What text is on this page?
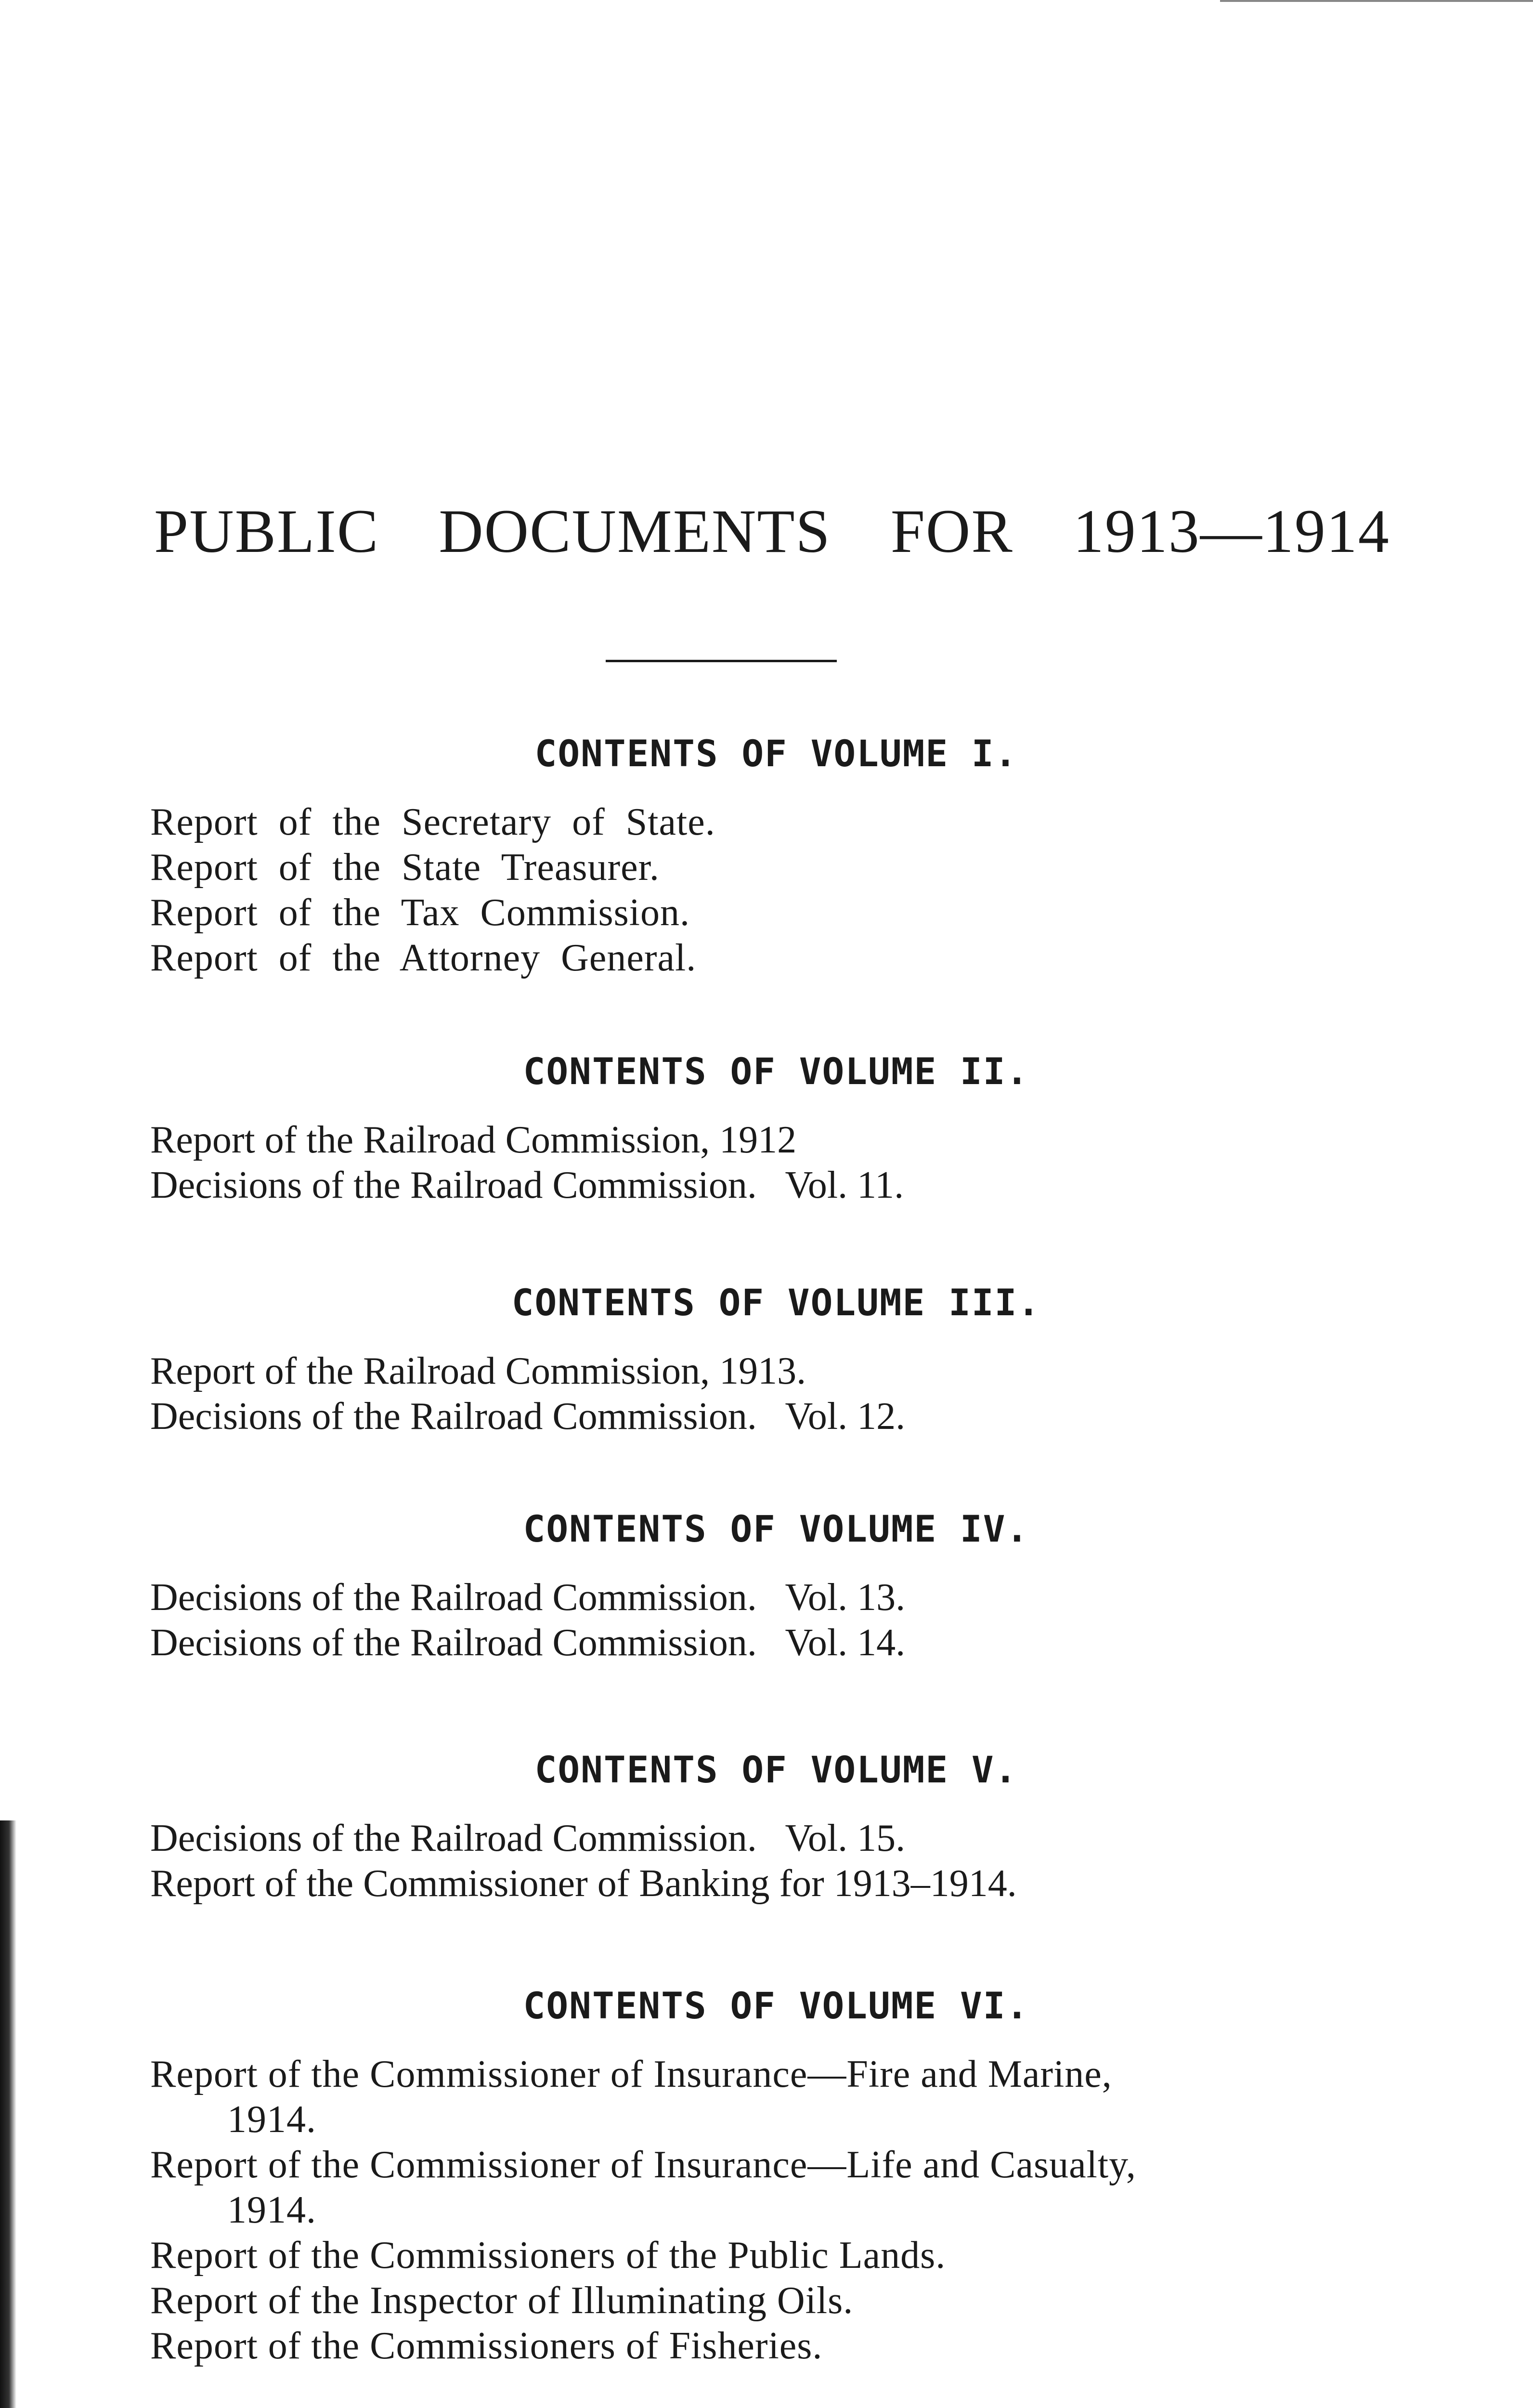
PUBLIC DOCUMENTS FOR 1913—1914
CONTENTS OF VOLUME I.
Report of the Secretary of State.
Report of the State Treasurer.
Report of the Tax Commission.
Report of the Attorney General.
CONTENTS OF VOLUME II.
Report of the Railroad Commission, 1912
Decisions of the Railroad Commission.   Vol. 11.
CONTENTS OF VOLUME III.
Report of the Railroad Commission, 1913.
Decisions of the Railroad Commission.   Vol. 12.
CONTENTS OF VOLUME IV.
Decisions of the Railroad Commission.   Vol. 13.
Decisions of the Railroad Commission.   Vol. 14.
CONTENTS OF VOLUME V.
Decisions of the Railroad Commission.   Vol. 15.
Report of the Commissioner of Banking for 1913–1914.
CONTENTS OF VOLUME VI.
Report of the Commissioner of Insurance—Fire and Marine,
1914.
Report of the Commissioner of Insurance—Life and Casualty,
1914.
Report of the Commissioners of the Public Lands.
Report of the Inspector of Illuminating Oils.
Report of the Commissioners of Fisheries.
